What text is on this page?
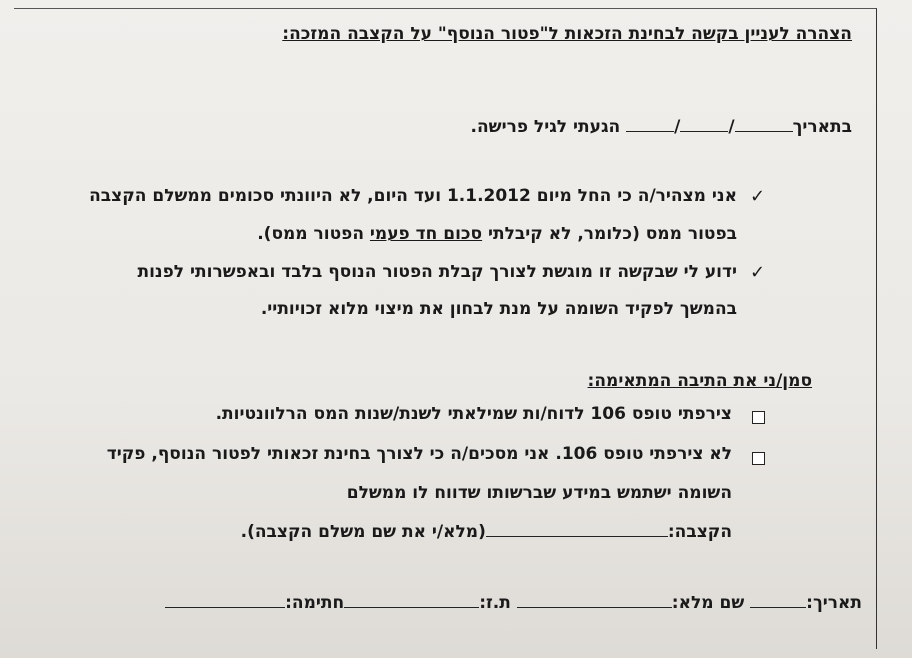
הצהרה לעניין בקשה לבחינת הזכאות ל"פטור הנוסף" על הקצבה המזכה:
בתאריך// הגעתי לגיל פרישה.
✓
אני מצהיר/ה כי החל מיום 1.1.2012 ועד היום, לא היוונתי סכומים ממשלם הקצבה
בפטור ממס (כלומר, לא קיבלתי סכום חד פעמי הפטור ממס).
✓
ידוע לי שבקשה זו מוגשת לצורך קבלת הפטור הנוסף בלבד ובאפשרותי לפנות
בהמשך לפקיד השומה על מנת לבחון את מיצוי מלוא זכויותיי.
סמן/ני את התיבה המתאימה:
צירפתי טופס 106 לדוח/ות שמילאתי לשנת/שנות המס הרלוונטיות.
לא צירפתי טופס 106. אני מסכים/ה כי לצורך בחינת זכאותי לפטור הנוסף, פקיד
השומה ישתמש במידע שברשותו שדווח לו ממשלם
הקצבה:(מלא/י את שם משלם הקצבה).
תאריך: שם מלא: ת.ז:חתימה:
